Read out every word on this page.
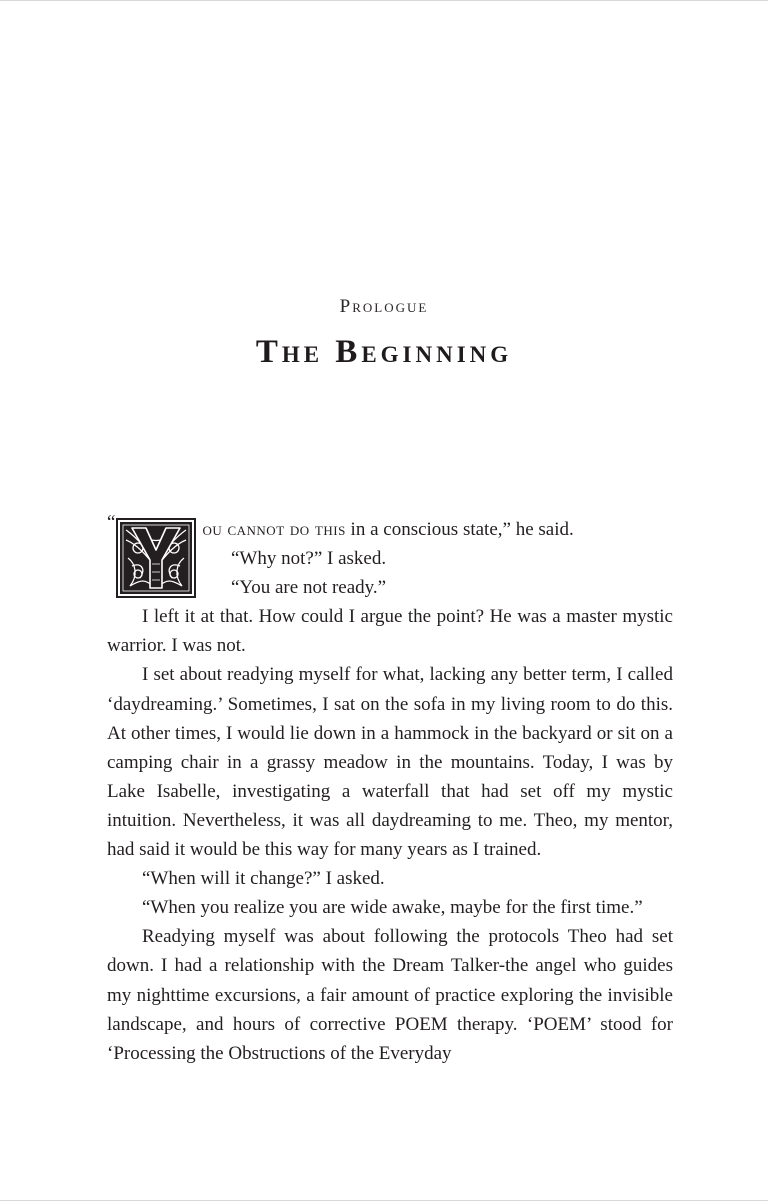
Prologue
The Beginning

“	ou cannot do this in a conscious state,” he said.

“Why not?” I asked.

“You are not ready.”

I left it at that. How could I argue the point? He was a master mystic warrior. I was not.

I set about readying myself for what, lacking any better term, I called ‘daydreaming.’ Sometimes, I sat on the sofa in my living room to do this. At other times, I would lie down in a hammock in the backyard or sit on a camping chair in a grassy meadow in the mountains. Today, I was by Lake Isabelle, investigating a waterfall that had set off my mystic intuition. Nevertheless, it was all daydreaming to me. Theo, my mentor, had said it would be this way for many years as I trained.

“When will it change?” I asked.

“When you realize you are wide awake, maybe for the first time.”

Readying myself was about following the protocols Theo had set down. I had a relationship with the Dream Talker-the angel who guides my nighttime excursions, a fair amount of practice exploring the invisible landscape, and hours of corrective POEM therapy. ‘POEM’ stood for ‘Processing the Obstructions of the Everyday
